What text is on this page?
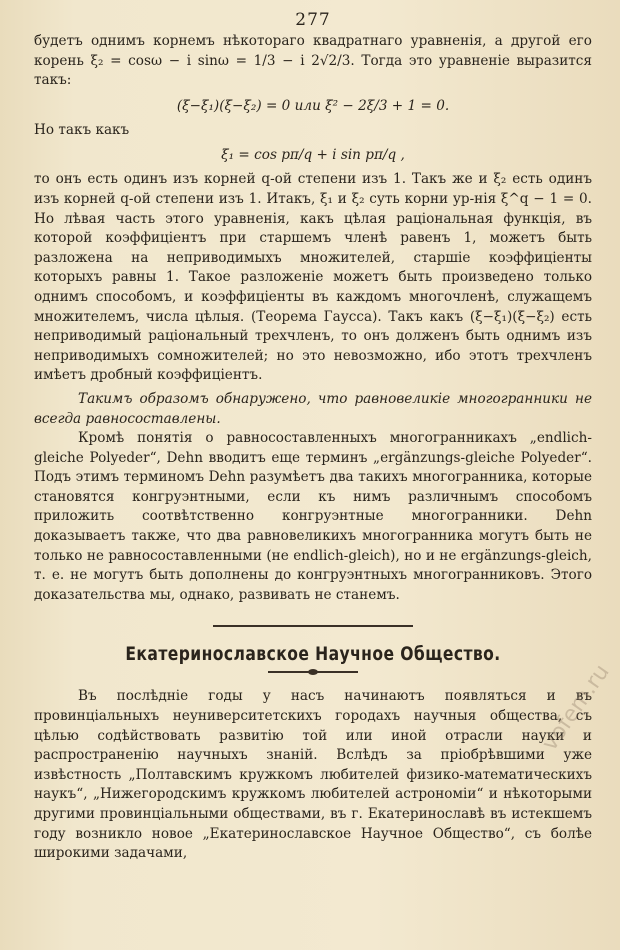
277

будетъ однимъ корнемъ нѣкотораго квадратнаго уравненія, а другой его корень ξ₂ = cosω − i sinω = 1/3 − i 2√2/3. Тогда это уравненіе выразится такъ:

(ξ−ξ₁)(ξ−ξ₂) = 0 или ξ² − 2ξ/3 + 1 = 0.

Но такъ какъ

ξ₁ = cos pπ/q + i sin pπ/q ,

то онъ есть одинъ изъ корней q-ой степени изъ 1. Такъ же и ξ₂ есть одинъ изъ корней q-ой степени изъ 1. Итакъ, ξ₁ и ξ₂ суть корни ур-нія ξ^q − 1 = 0. Но лѣвая часть этого уравненія, какъ цѣлая раціональная функція, въ которой коэффиціентъ при старшемъ членѣ равенъ 1, можетъ быть разложена на неприводимыхъ множителей, старшіе коэффиціенты которыхъ равны 1. Такое разложеніе можетъ быть произведено только однимъ способомъ, и коэффиціенты въ каждомъ многочленѣ, служащемъ множителемъ, числа цѣлыя. (Теорема Гаусса). Такъ какъ (ξ−ξ₁)(ξ−ξ₂) есть неприводимый раціональный трехчленъ, то онъ долженъ быть однимъ изъ неприводимыхъ сомножителей; но это невозможно, ибо этотъ трехчленъ имѣетъ дробный коэффиціентъ.

Такимъ образомъ обнаружено, что равновеликіе многогранники не всегда равносоставлены.

Кромѣ понятія о равносоставленныхъ многогранникахъ „endlich-gleiche Polyeder“, Dehn вводитъ еще терминъ „ergänzungs-gleiche Polyeder“. Подъ этимъ терминомъ Dehn разумѣетъ два такихъ многогранника, которые становятся конгруэнтными, если къ нимъ различнымъ способомъ приложить соотвѣтственно конгруэнтные многогранники. Dehn доказываетъ также, что два равновеликихъ многогранника могутъ быть не только не равносоставленными (не endlich-gleich), но и не ergänzungs-gleich, т. е. не могутъ быть дополнены до конгруэнтныхъ многогранниковъ. Этого доказательства мы, однако, развивать не станемъ.

Екатеринославское Научное Общество.

Въ послѣдніе годы у насъ начинаютъ появляться и въ провинціальныхъ неуниверситетскихъ городахъ научныя общества, съ цѣлью содѣйствовать развитію той или иной отрасли науки и распространенію научныхъ знаній. Вслѣдъ за пріобрѣвшими уже извѣстность „Полтавскимъ кружкомъ любителей физико-математическихъ наукъ“, „Нижегородскимъ кружкомъ любителей астрономіи“ и нѣкоторыми другими провинціальными обществами, въ г. Екатеринославѣ въ истекшемъ году возникло новое „Екатеринославское Научное Общество“, съ болѣе широкими задачами,

vofem.ru
